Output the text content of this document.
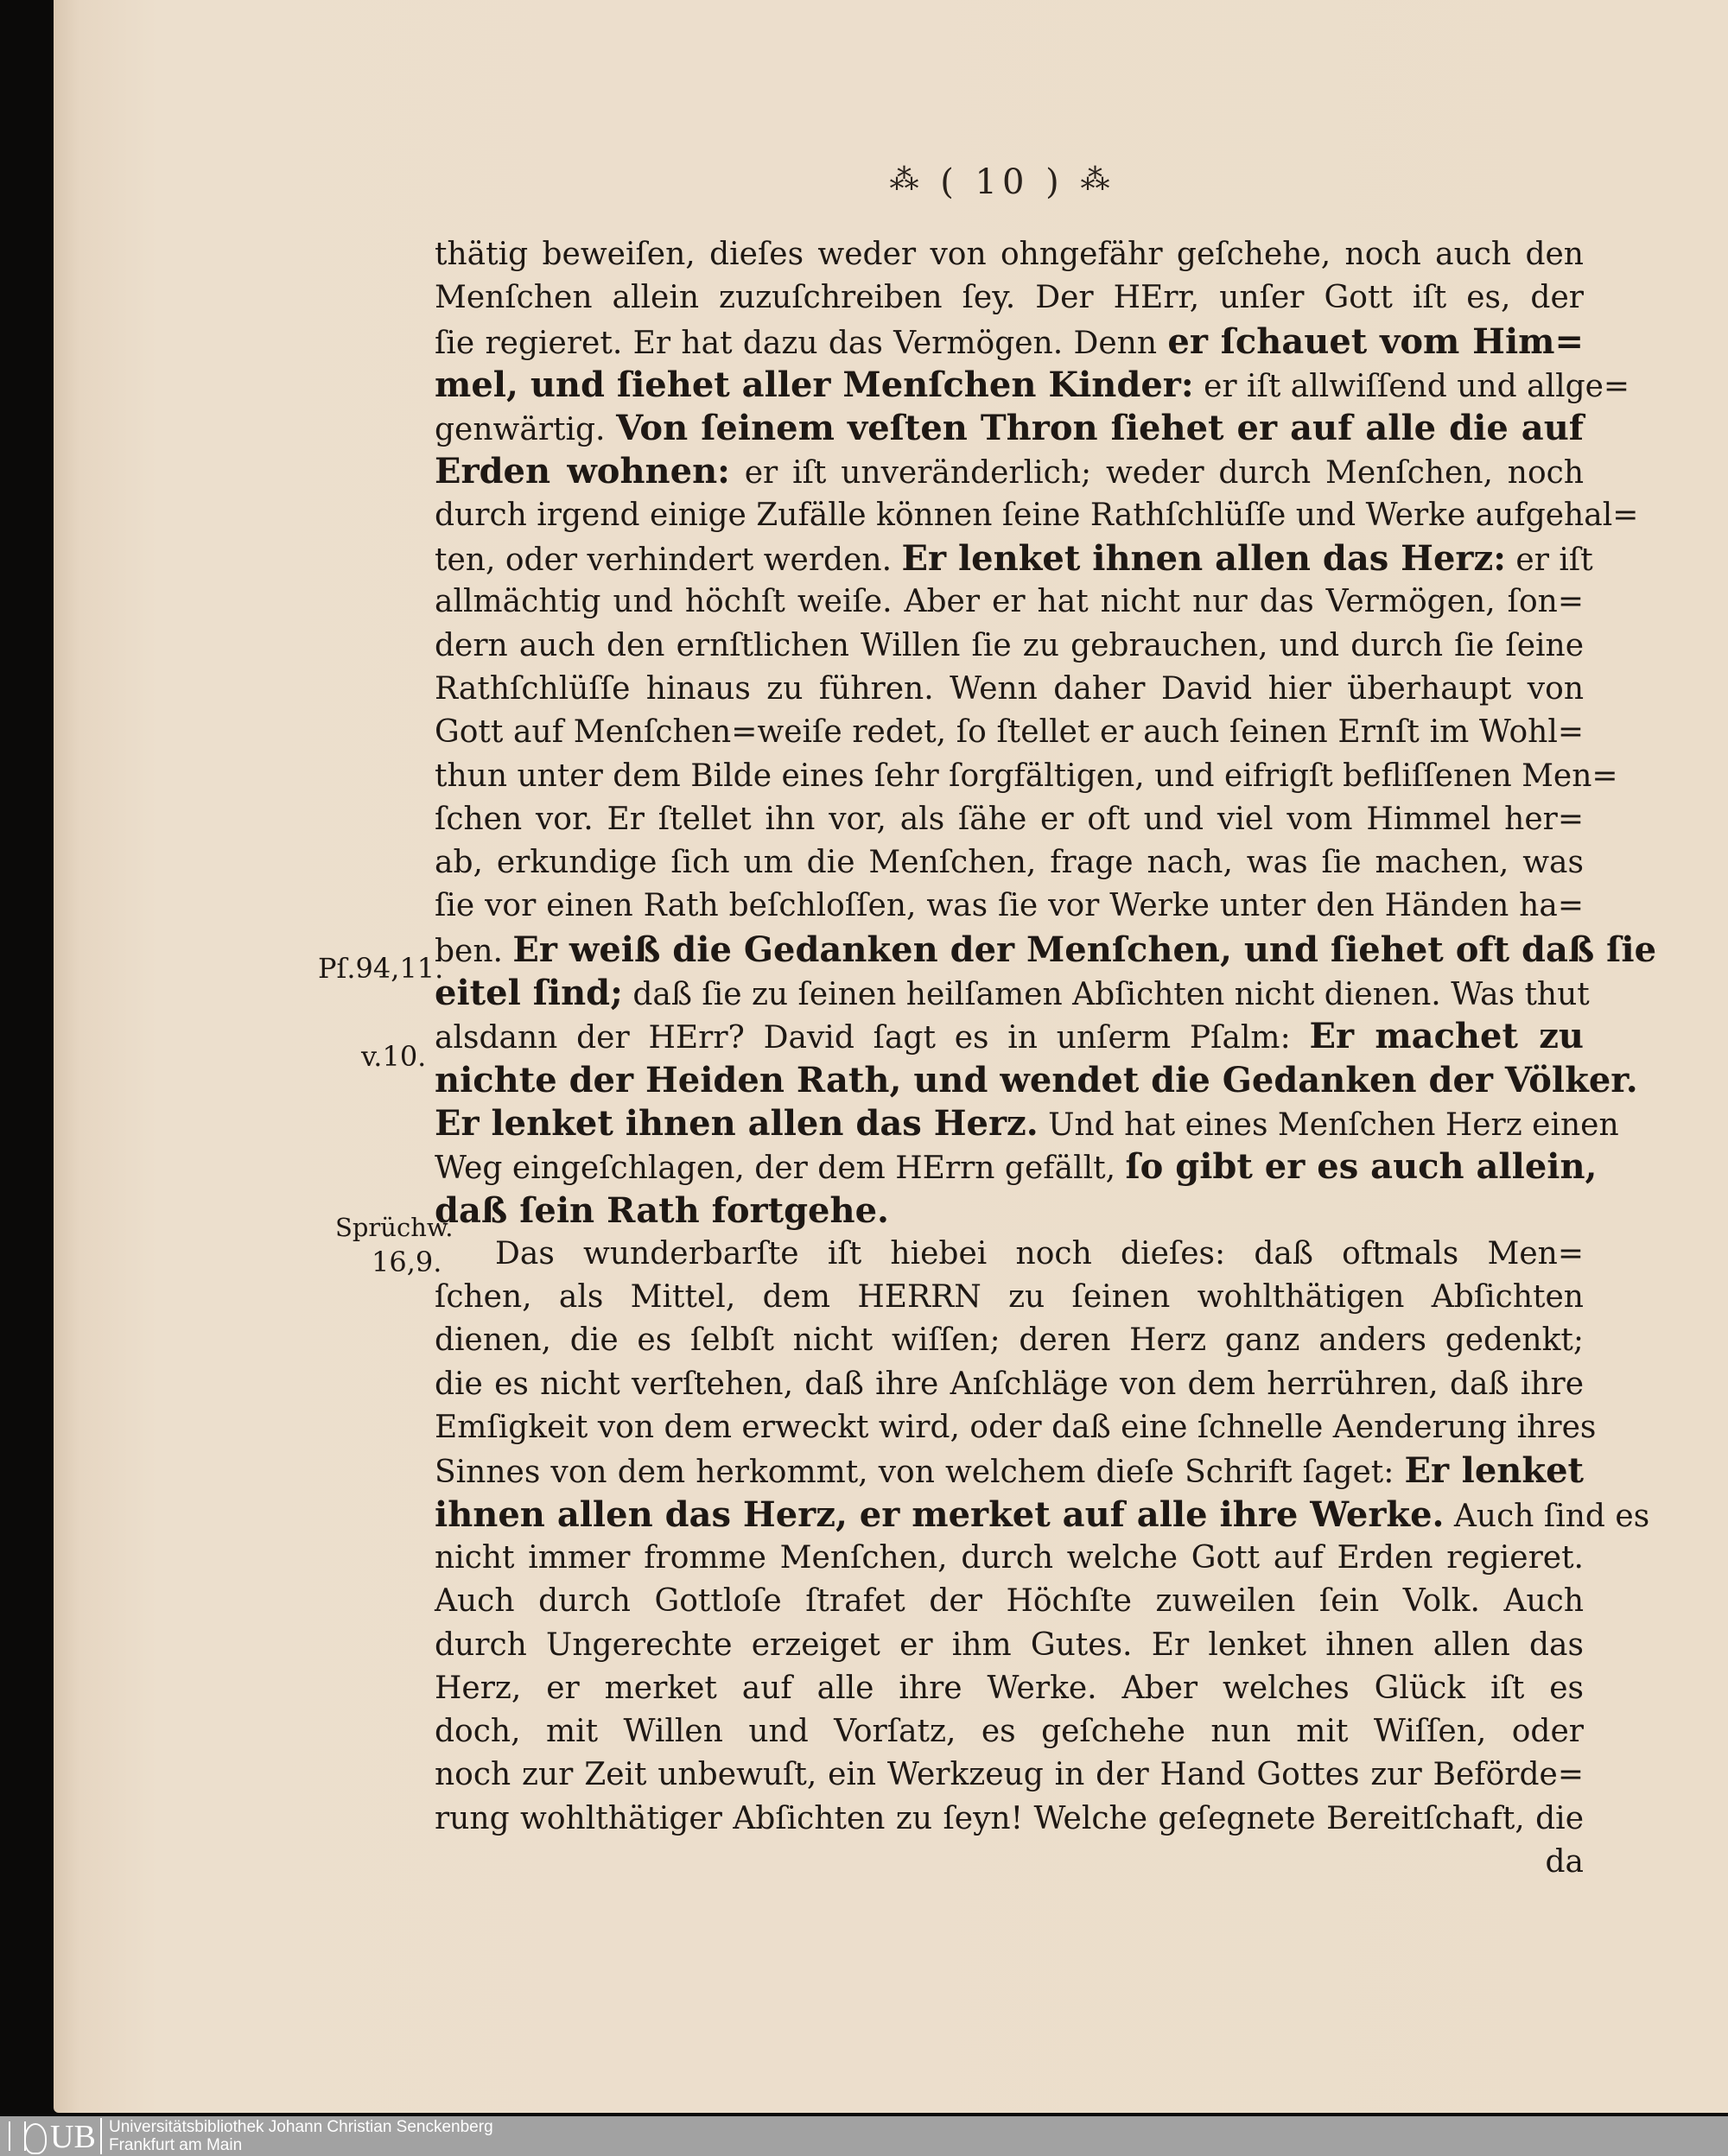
⁂ ( 10 ) ⁂
thätig beweiſen, dieſes weder von ohngefähr geſchehe, noch auch den
Menſchen allein zuzuſchreiben ſey. Der HErr, unſer Gott iſt es, der
ſie regieret. Er hat dazu das Vermögen. Denn er ſchauet vom Him=
mel, und ſiehet aller Menſchen Kinder: er iſt allwiſſend und allge=
genwärtig. Von ſeinem veſten Thron ſiehet er auf alle die auf
Erden wohnen: er iſt unveränderlich; weder durch Menſchen, noch
durch irgend einige Zufälle können ſeine Rathſchlüſſe und Werke aufgehal=
ten, oder verhindert werden. Er lenket ihnen allen das Herz: er iſt
allmächtig und höchſt weiſe. Aber er hat nicht nur das Vermögen, ſon=
dern auch den ernſtlichen Willen ſie zu gebrauchen, und durch ſie ſeine
Rathſchlüſſe hinaus zu führen. Wenn daher David hier überhaupt von
Gott auf Menſchen=weiſe redet, ſo ſtellet er auch ſeinen Ernſt im Wohl=
thun unter dem Bilde eines ſehr ſorgfältigen, und eifrigſt befliſſenen Men=
ſchen vor. Er ſtellet ihn vor, als ſähe er oft und viel vom Himmel her=
ab, erkundige ſich um die Menſchen, frage nach, was ſie machen, was
ſie vor einen Rath beſchloſſen, was ſie vor Werke unter den Händen ha=
ben. Er weiß die Gedanken der Menſchen, und ſiehet oft daß ſie
eitel ſind; daß ſie zu ſeinen heilſamen Abſichten nicht dienen. Was thut
alsdann der HErr? David ſagt es in unſerm Pſalm: Er machet zu
nichte der Heiden Rath, und wendet die Gedanken der Völker.
Er lenket ihnen allen das Herz. Und hat eines Menſchen Herz einen
Weg eingeſchlagen, der dem HErrn gefällt, ſo gibt er es auch allein,
daß ſein Rath fortgehe.
Das wunderbarſte iſt hiebei noch dieſes: daß oftmals Men=
ſchen, als Mittel, dem HERRN zu ſeinen wohlthätigen Abſichten
dienen, die es ſelbſt nicht wiſſen; deren Herz ganz anders gedenkt;
die es nicht verſtehen, daß ihre Anſchläge von dem herrühren, daß ihre
Emſigkeit von dem erweckt wird, oder daß eine ſchnelle Aenderung ihres
Sinnes von dem herkommt, von welchem dieſe Schrift ſaget: Er lenket
ihnen allen das Herz, er merket auf alle ihre Werke. Auch ſind es
nicht immer fromme Menſchen, durch welche Gott auf Erden regieret.
Auch durch Gottloſe ſtrafet der Höchſte zuweilen ſein Volk. Auch
durch Ungerechte erzeiget er ihm Gutes. Er lenket ihnen allen das
Herz, er merket auf alle ihre Werke. Aber welches Glück iſt es
doch, mit Willen und Vorſatz, es geſchehe nun mit Wiſſen, oder
noch zur Zeit unbewuſt, ein Werkzeug in der Hand Gottes zur Beförde=
rung wohlthätiger Abſichten zu ſeyn! Welche geſegnete Bereitſchaft, die
da
Pſ.94,11.
v.10.
Sprüchw.
16,9.
UB Universitätsbibliothek Johann Christian Senckenberg
Frankfurt am Main
